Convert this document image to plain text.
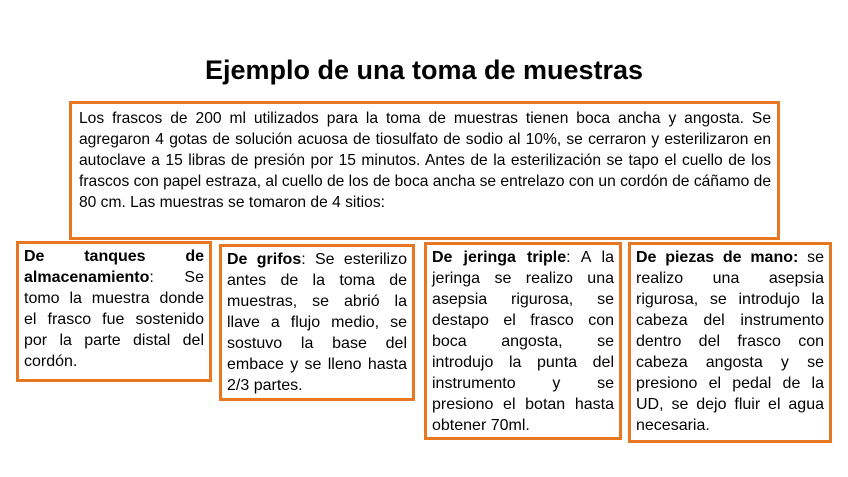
Ejemplo de una toma de muestras
Los frascos de 200 ml utilizados para la toma de muestras tienen boca ancha y angosta. Se agregaron 4 gotas de solución acuosa de tiosulfato de sodio al 10%, se cerraron y esterilizaron en autoclave a 15 libras de presión por 15 minutos. Antes de la esterilización se tapo el cuello de los frascos con papel estraza, al cuello de los de boca ancha se entrelazo con un cordón de cáñamo de 80 cm. Las muestras se tomaron de 4 sitios:
De tanques de almacenamiento: Se tomo la muestra donde el frasco fue sostenido por la parte distal del cordón.
De grifos: Se esterilizo antes de la toma de muestras, se abrió la llave a flujo medio, se sostuvo la base del embace y se lleno hasta 2/3 partes.
De jeringa triple: A la jeringa se realizo una asepsia rigurosa, se destapo el frasco con boca angosta, se introdujo la punta del instrumento y se presiono el botan hasta obtener 70ml.
De piezas de mano: se realizo una asepsia rigurosa, se introdujo la cabeza del instrumento dentro del frasco con cabeza angosta y se presiono el pedal de la UD, se dejo fluir el agua necesaria.
